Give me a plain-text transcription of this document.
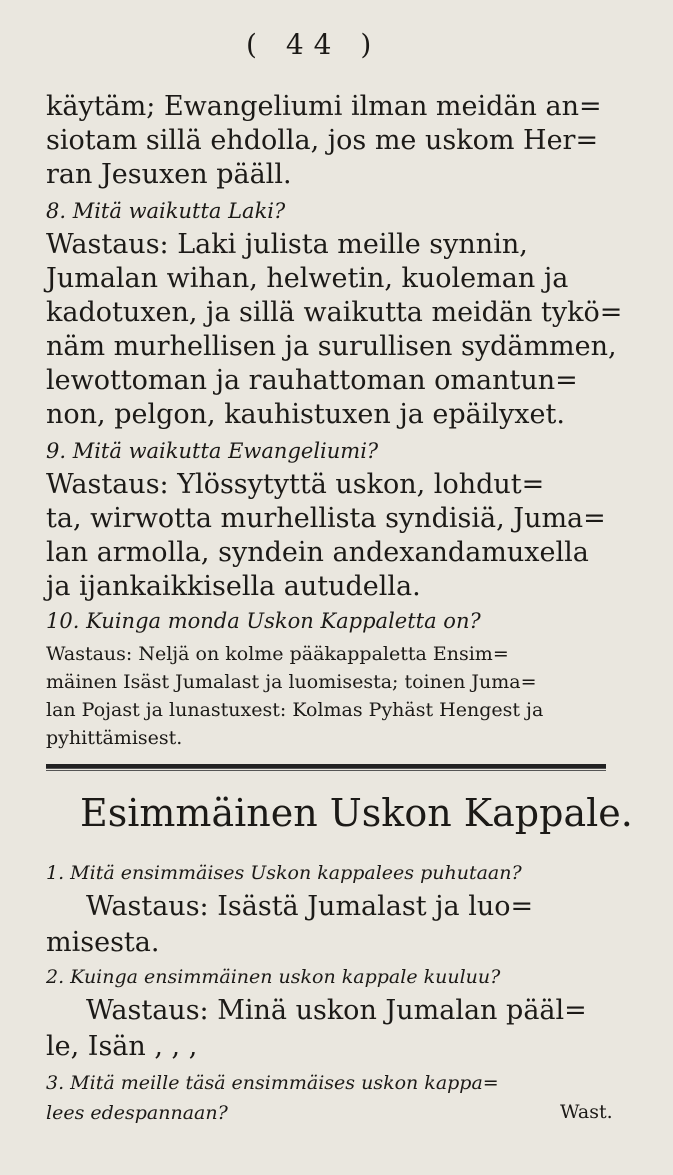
( 44 )
käytäm; Ewangeliumi ilman meidän an=
siotam sillä ehdolla, jos me uskom Her=
ran Jesuxen pääll.
8. Mitä waikutta Laki?
Wastaus: Laki julista meille synnin,
Jumalan wihan, helwetin, kuoleman ja
kadotuxen, ja sillä waikutta meidän tykö=
näm murhellisen ja surullisen sydämmen,
lewottoman ja rauhattoman omantun=
non, pelgon, kauhistuxen ja epäilyxet.
9. Mitä waikutta Ewangeliumi?
Wastaus: Ylössytyttä uskon, lohdut=
ta, wirwotta murhellista syndisiä, Juma=
lan armolla, syndein andexandamuxella
ja ijankaikkisella autudella.
10. Kuinga monda Uskon Kappaletta on?
Wastaus: Neljä on kolme pääkappaletta Ensim=
mäinen Isäst Jumalast ja luomisesta; toinen Juma=
lan Pojast ja lunastuxest: Kolmas Pyhäst Hengest ja
pyhittämisest.
Esimmäinen Uskon Kappale.
1. Mitä ensimmäises Uskon kappalees puhutaan?
Wastaus: Isästä Jumalast ja luo=
misesta.
2. Kuinga ensimmäinen uskon kappale kuuluu?
Wastaus: Minä uskon Jumalan pääl=
le, Isän , , ,
3. Mitä meille täsä ensimmäises uskon kappa=
lees edespannaan?	Wast.
